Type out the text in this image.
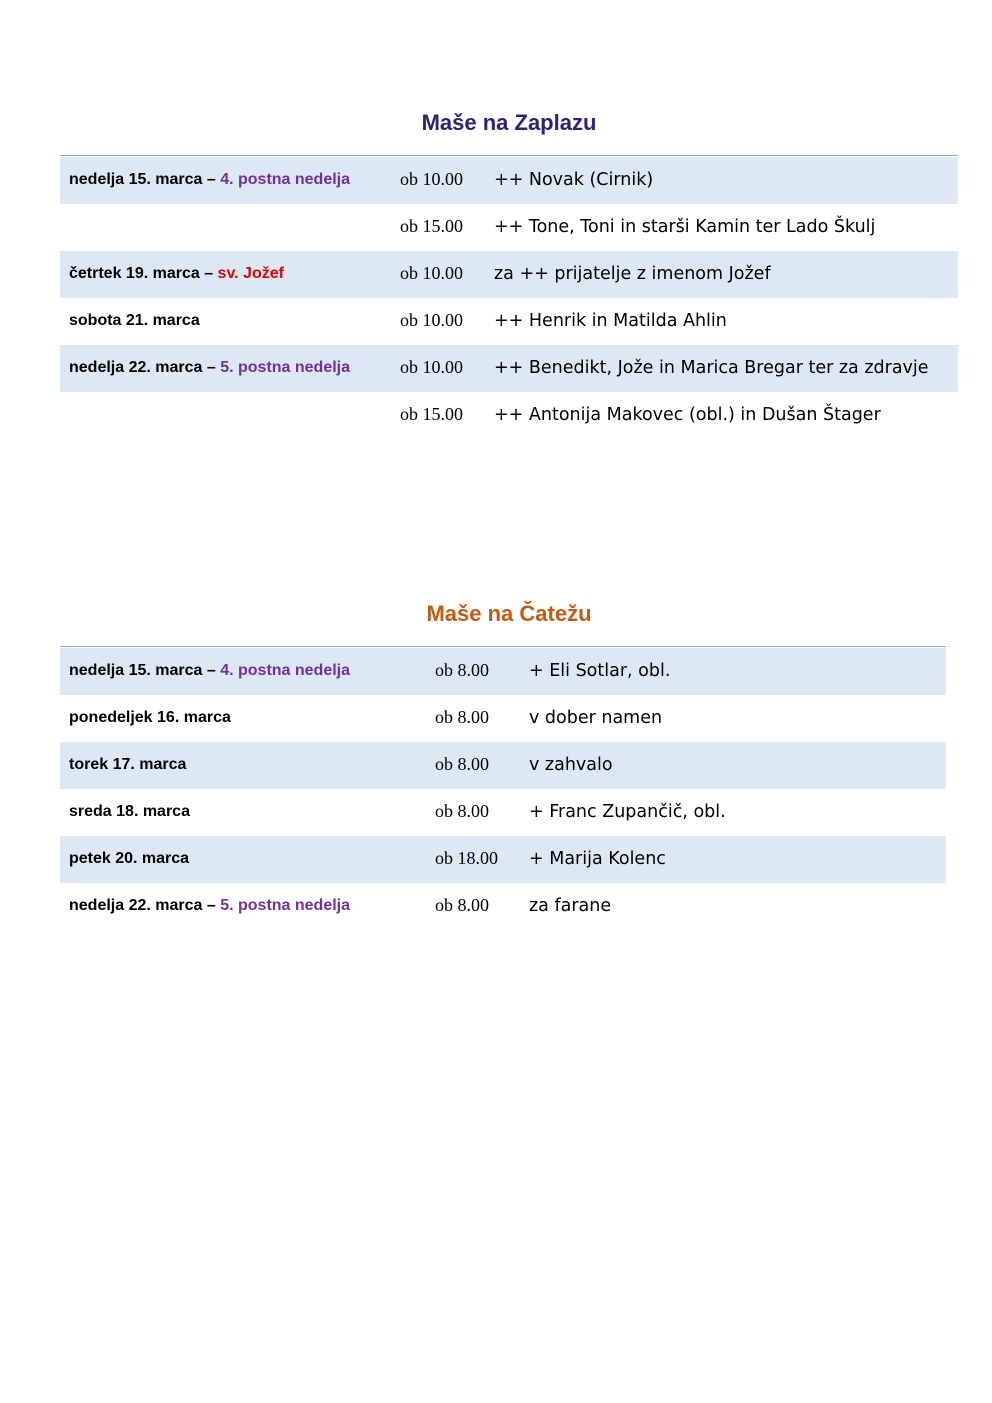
Maše na Zaplazu
nedelja 15. marca – 4. postna nedelja	ob 10.00 ++ Novak (Cirnik)
ob 15.00 ++ Tone, Toni in starši Kamin ter Lado Škulj
četrtek 19. marca – sv. Jožef	ob 10.00 za ++ prijatelje z imenom Jožef
sobota 21. marca	ob 10.00 ++ Henrik in Matilda Ahlin
nedelja 22. marca – 5. postna nedelja	ob 10.00 ++ Benedikt, Jože in Marica Bregar ter za zdravje
ob 15.00 ++ Antonija Makovec (obl.) in Dušan Štager
Maše na Čatežu
nedelja 15. marca – 4. postna nedelja	ob 8.00 + Eli Sotlar, obl.
ponedeljek 16. marca	ob 8.00 v dober namen
torek 17. marca	ob 8.00 v zahvalo
sreda 18. marca	ob 8.00 + Franc Zupančič, obl.
petek 20. marca	ob 18.00 + Marija Kolenc
nedelja 22. marca – 5. postna nedelja	ob 8.00 za farane
